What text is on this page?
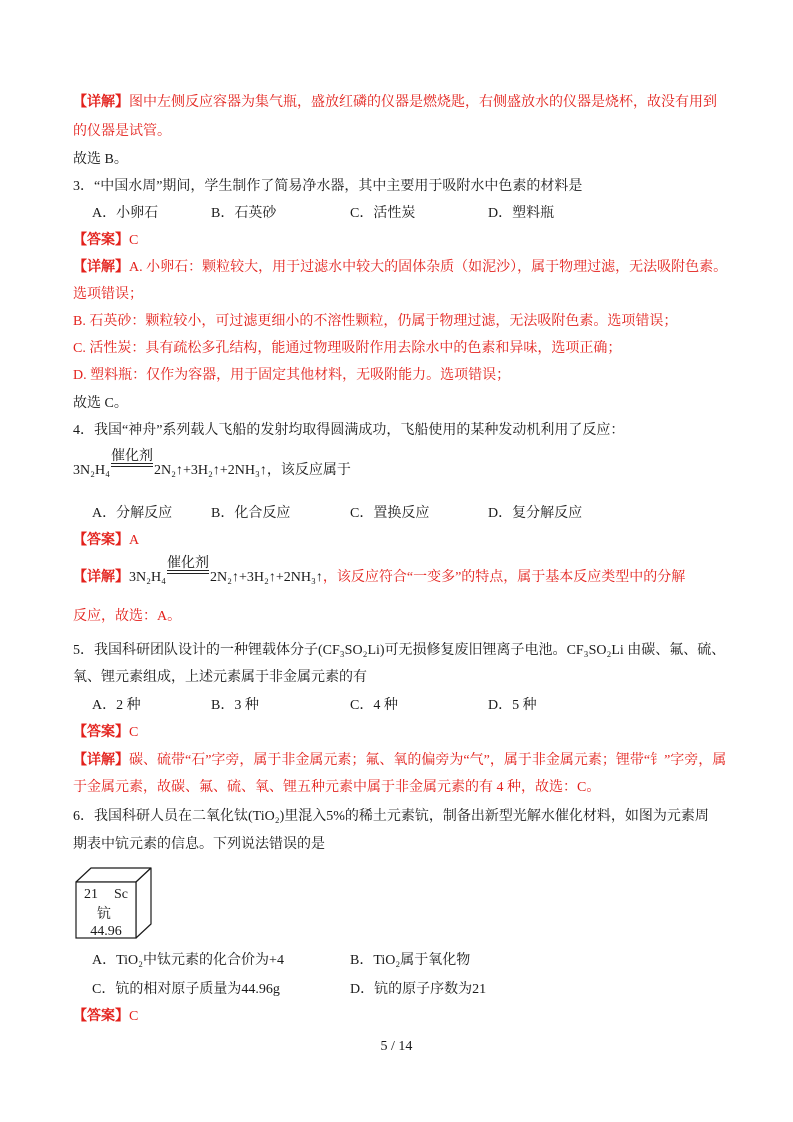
【详解】图中左侧反应容器为集气瓶，盛放红磷的仪器是燃烧匙，右侧盛放水的仪器是烧杯，故没有用到
的仪器是试管。
故选 B。
3．“中国水周”期间，学生制作了简易净水器，其中主要用于吸附水中色素的材料是
A．小卵石	B．石英砂	C．活性炭	D．塑料瓶
【答案】C
【详解】A. 小卵石：颗粒较大，用于过滤水中较大的固体杂质（如泥沙），属于物理过滤，无法吸附色素。
选项错误；
B. 石英砂：颗粒较小，可过滤更细小的不溶性颗粒，仍属于物理过滤，无法吸附色素。选项错误；
C. 活性炭：具有疏松多孔结构，能通过物理吸附作用去除水中的色素和异味，选项正确；
D. 塑料瓶：仅作为容器，用于固定其他材料，无吸附能力。选项错误；
故选 C。
4．我国“神舟”系列载人飞船的发射均取得圆满成功，飞船使用的某种发动机利用了反应：
3N₂H₄
催化剂
2N₂↑+3H₂↑+2NH₃↑，该反应属于
A．分解反应	B．化合反应	C．置换反应	D．复分解反应
【答案】A
【详解】3N₂H₄
催化剂
2N₂↑+3H₂↑+2NH₃↑，该反应符合“一变多”的特点，属于基本反应类型中的分解
反应，故选：A。
5．我国科研团队设计的一种锂载体分子(CF₃SO₂Li)可无损修复废旧锂离子电池。CF₃SO₂Li 由碳、氟、硫、
氧、锂元素组成，上述元素属于非金属元素的有
A．2 种	B．3 种	C．4 种	D．5 种
【答案】C
【详解】碳、硫带“石”字旁，属于非金属元素；氟、氧的偏旁为“气”，属于非金属元素；锂带“钅”字旁，属
于金属元素，故碳、氟、硫、氧、锂五种元素中属于非金属元素的有 4 种，故选：C。
6．我国科研人员在二氧化钛(TiO₂)里混入5%的稀土元素钪，制备出新型光解水催化材料，如图为元素周
期表中钪元素的信息。下列说法错误的是
21 Sc
钪
44.96
A．TiO₂中钛元素的化合价为+4	B．TiO₂属于氧化物
C．钪的相对原子质量为44.96g	D．钪的原子序数为21
【答案】C
5 / 14
